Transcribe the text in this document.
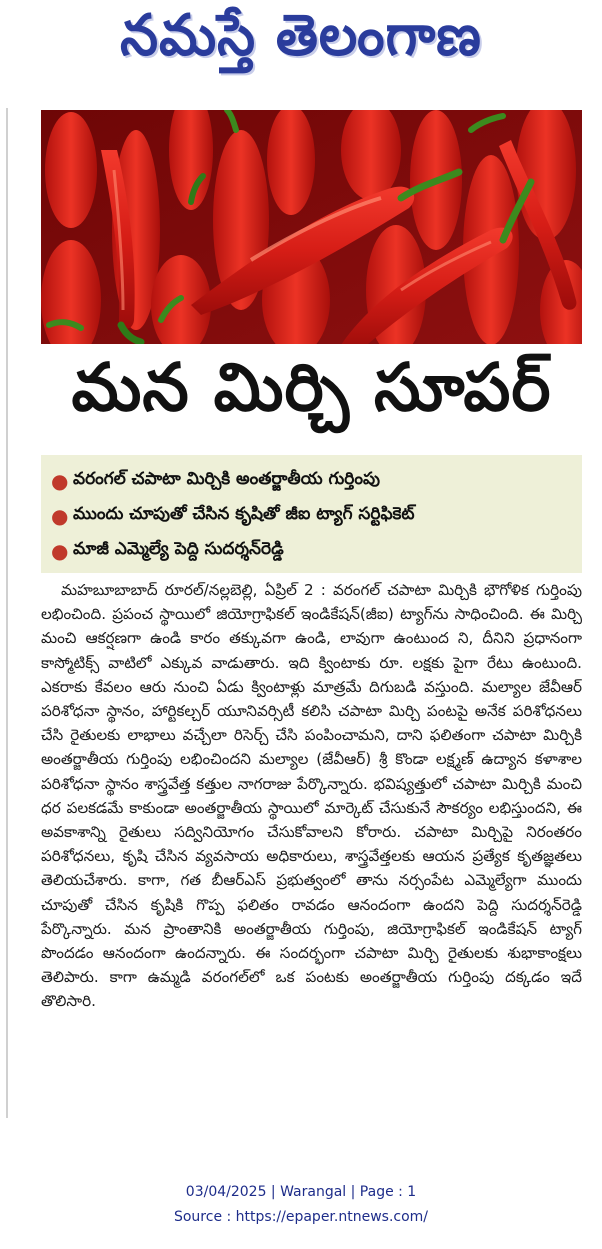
నమస్తే తెలంగాణ
మన మిర్చి సూపర్
● వరంగల్ చపాటా మిర్చికి అంతర్జాతీయ గుర్తింపు
● ముందు చూపుతో చేసిన కృషితో జీఐ ట్యాగ్ సర్టిఫికెట్
● మాజీ ఎమ్మెల్యే పెద్ది సుదర్శన్‌రెడ్డి
మహబూబాబాద్ రూరల్/నల్లబెల్లి, ఏప్రిల్ 2 : వరంగల్ చపాటా మిర్చికి భౌగోళిక గుర్తింపు లభించింది. ప్రపంచ స్థాయిలో జియోగ్రాఫికల్ ఇండికేషన్(జీఐ) ట్యాగ్‌ను సాధించింది. ఈ మిర్చి మంచి ఆకర్షణగా ఉండి కారం తక్కువగా ఉండి, లావుగా ఉంటుంద ని, దీనిని ప్రధానంగా కాస్మోటిక్స్ వాటిలో ఎక్కువ వాడుతారు. ఇది క్వింటాకు రూ. లక్షకు పైగా రేటు ఉంటుంది. ఎకరాకు కేవలం ఆరు నుంచి ఏడు క్వింటాళ్లు మాత్రమే దిగుబడి వస్తుంది. మల్యాల జేవీఆర్ పరిశోధనా స్థానం, హార్టికల్చర్ యూనివర్సిటీ కలిసి చపాటా మిర్చి పంటపై అనేక పరిశోధనలు చేసి రైతులకు లాభాలు వచ్చేలా రిసెర్చ్ చేసి పంపించామని, దాని ఫలితంగా చపాటా మిర్చికి అంతర్జాతీయ గుర్తింపు లభించిందని మల్యాల (జేవీఆర్) శ్రీ కొండా లక్ష్మణ్ ఉద్యాన కళాశాల పరిశోధనా స్థానం శాస్త్రవేత్త కత్తుల నాగరాజు పేర్కొన్నారు. భవిష్యత్తులో చపాటా మిర్చికి మంచి ధర పలకడమే కాకుండా అంతర్జాతీయ స్థాయిలో మార్కెట్ చేసుకునే సౌకర్యం లభిస్తుందని, ఈ అవకాశాన్ని రైతులు సద్వినియోగం చేసుకోవాలని కోరారు. చపాటా మిర్చిపై నిరంతరం పరిశోధనలు, కృషి చేసిన వ్యవసాయ అధికారులు, శాస్త్రవేత్తలకు ఆయన ప్రత్యేక కృతజ్ఞతలు తెలియచేశారు. కాగా, గత బీఆర్ఎస్ ప్రభుత్వంలో తాను నర్సంపేట ఎమ్మెల్యేగా ముందు చూపుతో చేసిన కృషికి గొప్ప ఫలితం రావడం ఆనందంగా ఉందని పెద్ది సుదర్శన్‌రెడ్డి పేర్కొన్నారు. మన ప్రాంతానికి అంతర్జాతీయ గుర్తింపు, జియోగ్రాఫికల్ ఇండికేషన్ ట్యాగ్ పొందడం ఆనందంగా ఉందన్నారు. ఈ సందర్భంగా చపాటా మిర్చి రైతులకు శుభాకాంక్షలు తెలిపారు. కాగా ఉమ్మడి వరంగల్‌లో ఒక పంటకు అంతర్జాతీయ గుర్తింపు దక్కడం ఇదే తొలిసారి.
03/04/2025 | Warangal | Page : 1
Source : https://epaper.ntnews.com/
